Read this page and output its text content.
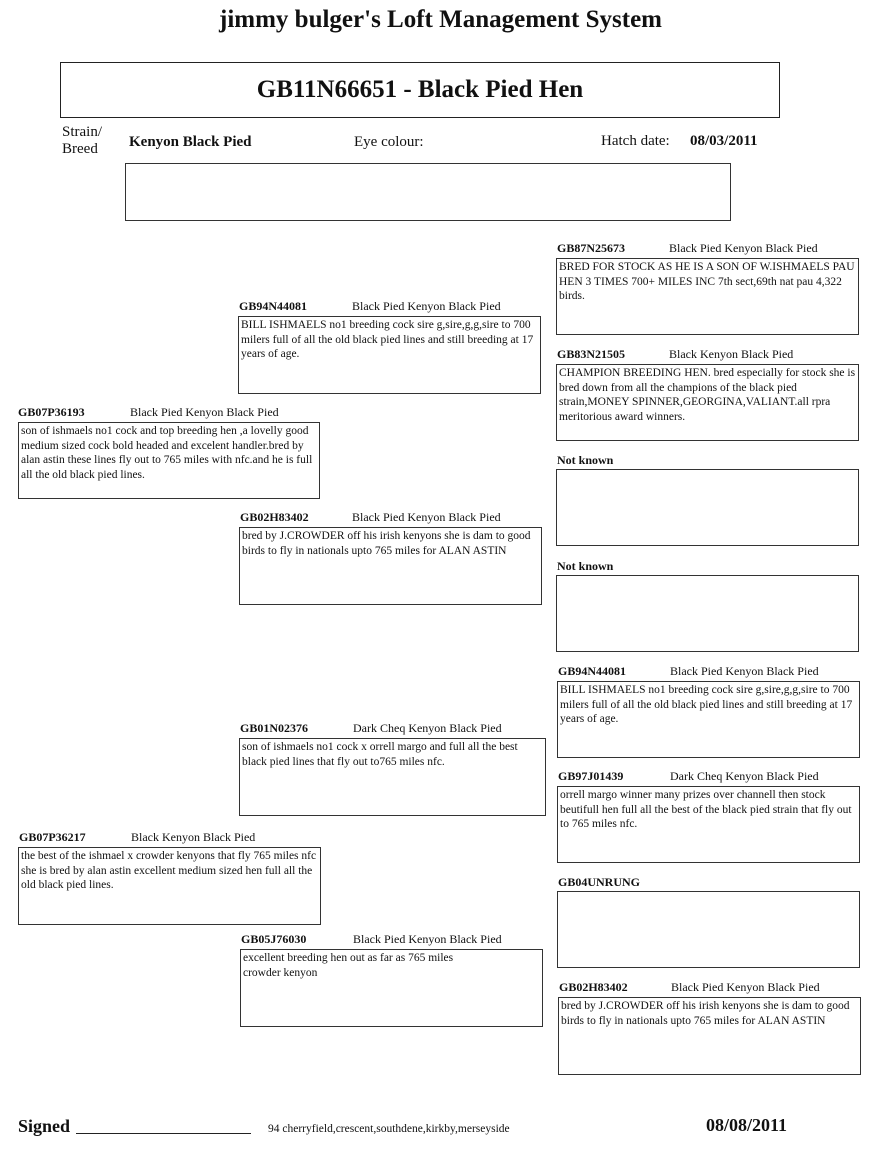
jimmy bulger's Loft Management System
GB11N66651 - Black Pied Hen
Strain/
Breed Kenyon Black Pied	Eye colour:	Hatch date: 08/03/2011
GB07P36193	Black Pied Kenyon Black Pied
son of ishmaels no1 cock and top breeding hen ,a lovelly good medium sized cock bold headed and excelent handler.bred by alan astin these lines fly out to 765 miles with nfc.and he is full all the old black pied lines.
GB07P36217	Black Kenyon Black Pied
the best of the ishmael x crowder kenyons that fly 765 miles nfc she is bred by alan astin excellent medium sized hen full all the old black pied lines.
GB94N44081	Black Pied Kenyon Black Pied
BILL ISHMAELS no1 breeding cock sire g,sire,g,g,sire to 700 milers full of all the old black pied lines and still breeding at 17 years of age.
GB02H83402	Black Pied Kenyon Black Pied
bred by J.CROWDER off his irish kenyons she is dam to good birds to fly in nationals upto 765 miles for ALAN ASTIN
GB01N02376	Dark Cheq Kenyon Black Pied
son of ishmaels no1 cock x orrell margo and full all the best black pied lines that fly out to765 miles nfc.
GB05J76030	Black Pied Kenyon Black Pied
excellent breeding hen out as far as 765 miles
crowder kenyon
GB87N25673	Black Pied Kenyon Black Pied
BRED FOR STOCK AS HE IS A SON OF W.ISHMAELS PAU HEN 3 TIMES 700+ MILES INC 7th sect,69th nat pau 4,322 birds.
GB83N21505	Black Kenyon Black Pied
CHAMPION BREEDING HEN. bred especially for stock she is bred down from all the champions of the black pied strain,MONEY SPINNER,GEORGINA,VALIANT.all rpra meritorious award winners.
Not known
Not known
GB94N44081	Black Pied Kenyon Black Pied
BILL ISHMAELS no1 breeding cock sire g,sire,g,g,sire to 700 milers full of all the old black pied lines and still breeding at 17 years of age.
GB97J01439	Dark Cheq Kenyon Black Pied
orrell margo winner many prizes over channell then stock beutifull hen full all the best of the black pied strain that fly out to 765 miles nfc.
GB04UNRUNG
GB02H83402	Black Pied Kenyon Black Pied
bred by J.CROWDER off his irish kenyons she is dam to good birds to fly in nationals upto 765 miles for ALAN ASTIN
Signed	94 cherryfield,crescent,southdene,kirkby,merseyside	08/08/2011
